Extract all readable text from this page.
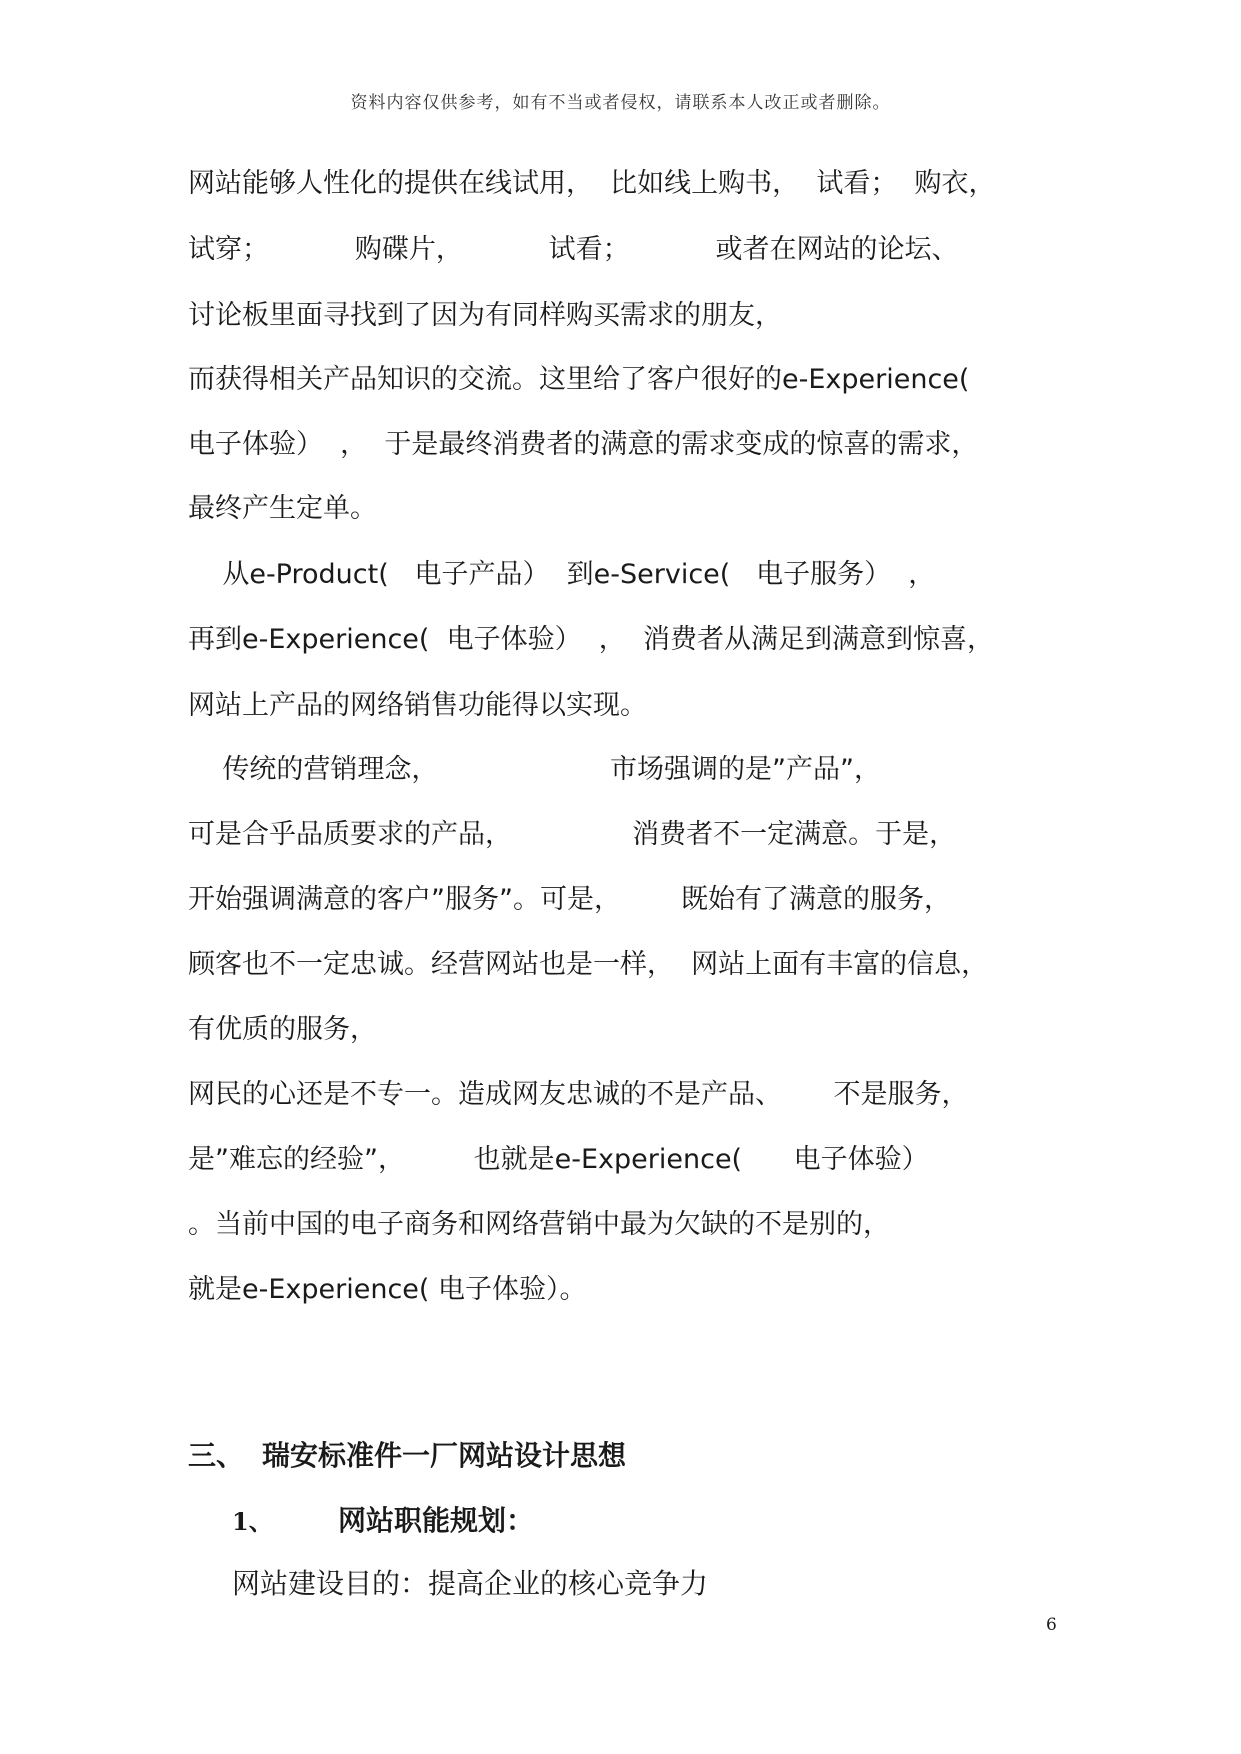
资料内容仅供参考，如有不当或者侵权，请联系本人改正或者删除。
网站能够人性化的提供在线试用，  比如线上购书，  试看；  购衣，
试穿；          购碟片，          试看；          或者在网站的论坛、
讨论板里面寻找到了因为有同样购买需求的朋友，
而获得相关产品知识的交流。这里给了客户很好的e-Experience(
电子体验）  ，  于是最终消费者的满意的需求变成的惊喜的需求，
最终产生定单。
从e-Product(   电子产品）  到e-Service(   电子服务）  ，
再到e-Experience(  电子体验）  ，  消费者从满足到满意到惊喜，
网站上产品的网络销售功能得以实现。
传统的营销理念，                    市场强调的是”产品”，
可是合乎品质要求的产品，              消费者不一定满意。于是，
开始强调满意的客户”服务”。可是，       既始有了满意的服务，
顾客也不一定忠诚。经营网站也是一样，  网站上面有丰富的信息，
有优质的服务，
网民的心还是不专一。造成网友忠诚的不是产品、      不是服务，
是”难忘的经验”，        也就是e-Experience(      电子体验）
。当前中国的电子商务和网络营销中最为欠缺的不是别的，
就是e-Experience( 电子体验）。
三、 瑞安标准件一厂网站设计思想
1、 网站职能规划：
网站建设目的：提高企业的核心竞争力
6
